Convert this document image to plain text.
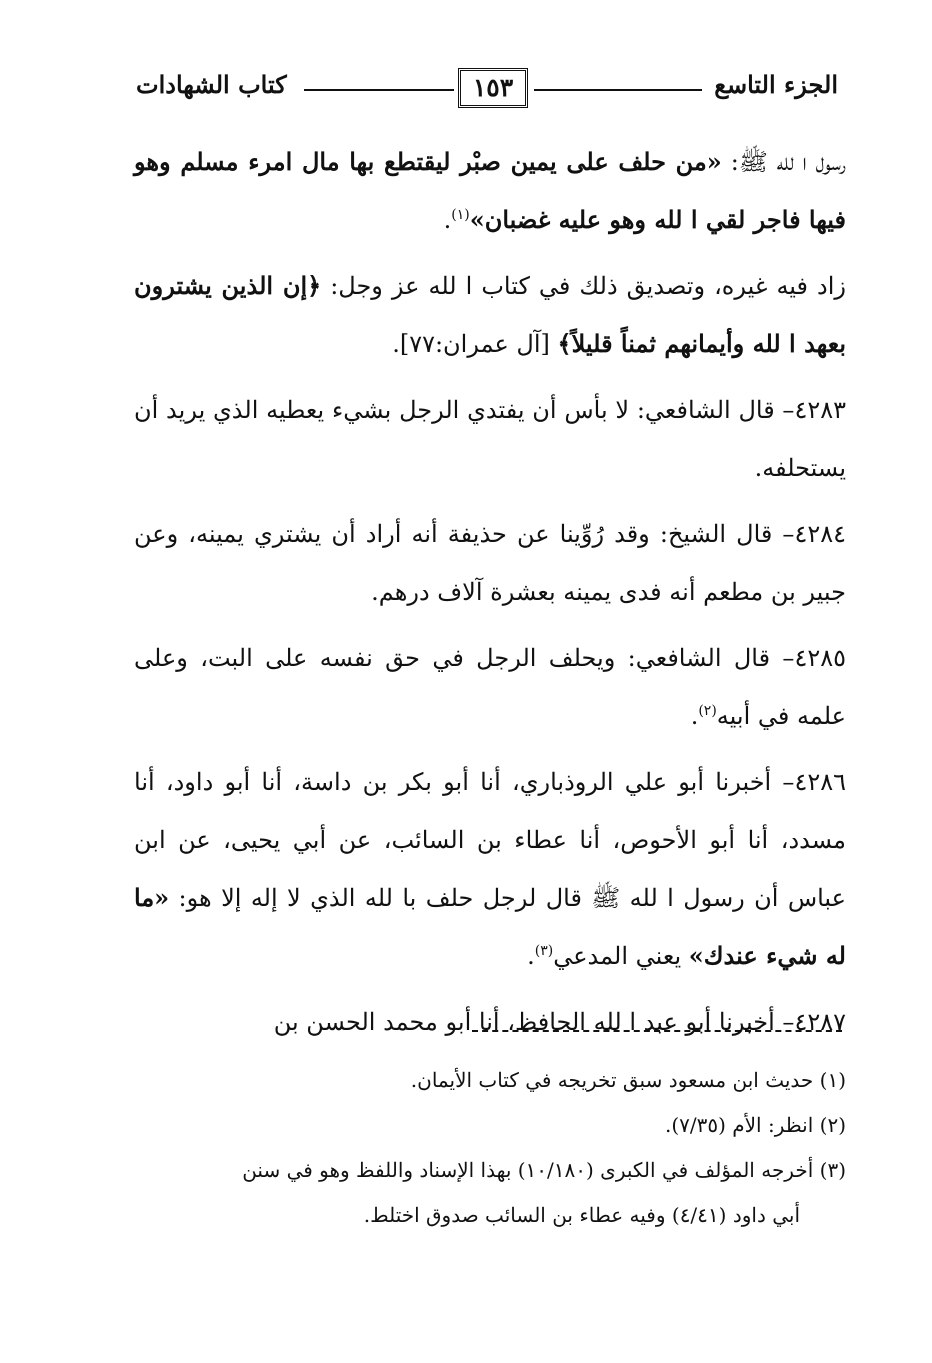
الجزء التاسع
١٥٣
كتاب الشهادات

رسول ا لله ﷺ: «من حلف على يمين صبْر ليقتطع بها مال امرء مسلم وهو فيها فاجر لقي ا لله وهو عليه غضبان»$^{(١)}$.

زاد فيه غيره، وتصديق ذلك في كتاب ا لله عز وجل: ﴿إن الذين يشترون بعهد ا لله وأيمانهم ثمناً قليلاً﴾ [آل عمران:٧٧].

٤٢٨٣– قال الشافعي: لا بأس أن يفتدي الرجل بشيء يعطيه الذي يريد أن يستحلفه.

٤٢٨٤– قال الشيخ: وقد رُوِّينا عن حذيفة أنه أراد أن يشتري يمينه، وعن جبير بن مطعم أنه فدى يمينه بعشرة آلاف درهم.

٤٢٨٥– قال الشافعي: ويحلف الرجل في حق نفسه على البت، وعلى علمه في أبيه$^{(٢)}$.

٤٢٨٦– أخبرنا أبو علي الروذباري، أنا أبو بكر بن داسة، أنا أبو داود، أنا مسدد، أنا أبو الأحوص، أنا عطاء بن السائب، عن أبي يحيى، عن ابن عباس أن رسول ا لله ﷺ قال لرجل حلف با لله الذي لا إله إلا هو: «ما له شيء عندك» يعني المدعي$^{(٣)}$.

٤٢٨٧– أخبرنا أبو عبد ا لله الحافظ، أنا أبو محمد الحسن بن

(١) حديث ابن مسعود سبق تخريجه في كتاب الأيمان.

(٢) انظر: الأم (٧/٣٥).

(٣) أخرجه المؤلف في الكبرى (١٠/١٨٠) بهذا الإسناد واللفظ وهو في سنن

أبي داود (٤/٤١) وفيه عطاء بن السائب صدوق اختلط.
